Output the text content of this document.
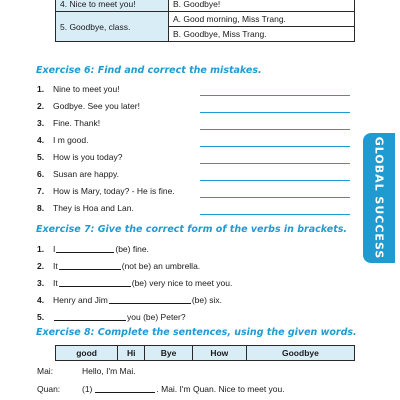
4. Nice to meet you!	B. Goodbye!
5. Goodbye, class.	A. Good morning, Miss Trang.
	B. Goodbye, Miss Trang.
Exercise 6: Find and correct the mistakes.
1.	Nine to meet you!
2.	Godbye. See you later!
3.	Fine. Thank!
4.	I m good.
5.	How is you today?
6.	Susan are happy.
7.	How is Mary, today? - He is fine.
8.	They is Hoa and Lan.	GLOBAL SUCCESS
Exercise 7: Give the correct form of the verbs in brackets.
1.	I	(be) fine.
2.	It	(not be) an umbrella.
3.	It	(be) very nice to meet you.
4.	Henry and Jim	(be) six.
5.	you (be) Peter?
Exercise 8: Complete the sentences, using the given words.
good	Hi	Bye	How	Goodbye
Mai:	Hello, I'm Mai.
Quan:	(1)	. Mai. I'm Quan. Nice to meet you.
